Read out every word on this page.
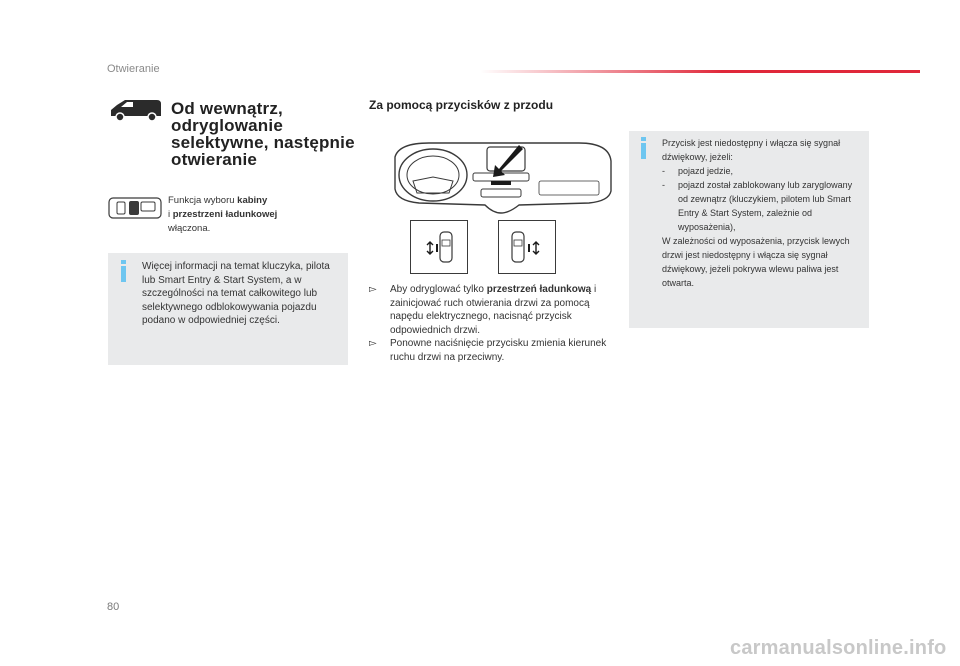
Otwieranie
Od wewnątrz, odryglowanie selektywne, następnie otwieranie
Funkcja wyboru kabiny
i przestrzeni ładunkowej
włączona.
Więcej informacji na temat kluczyka, pilota lub Smart Entry & Start System, a w szczególności na temat całkowitego lub selektywnego odblokowywania pojazdu podano w odpowiedniej części.
Za pomocą przycisków z przodu
▻	Aby odryglować tylko przestrzeń ładunkową i zainicjować ruch otwierania drzwi za pomocą napędu elektrycznego, nacisnąć przycisk odpowiednich drzwi.
▻	Ponowne naciśnięcie przycisku zmienia kierunek ruchu drzwi na przeciwny.
Przycisk jest niedostępny i włącza się sygnał dźwiękowy, jeżeli:
- pojazd jedzie,
- pojazd został zablokowany lub zaryglowany od zewnątrz (kluczykiem, pilotem lub Smart Entry & Start System, zależnie od wyposażenia),
W zależności od wyposażenia, przycisk lewych drzwi jest niedostępny i włącza się sygnał dźwiękowy, jeżeli pokrywa wlewu paliwa jest otwarta.
80
carmanualsonline.info
